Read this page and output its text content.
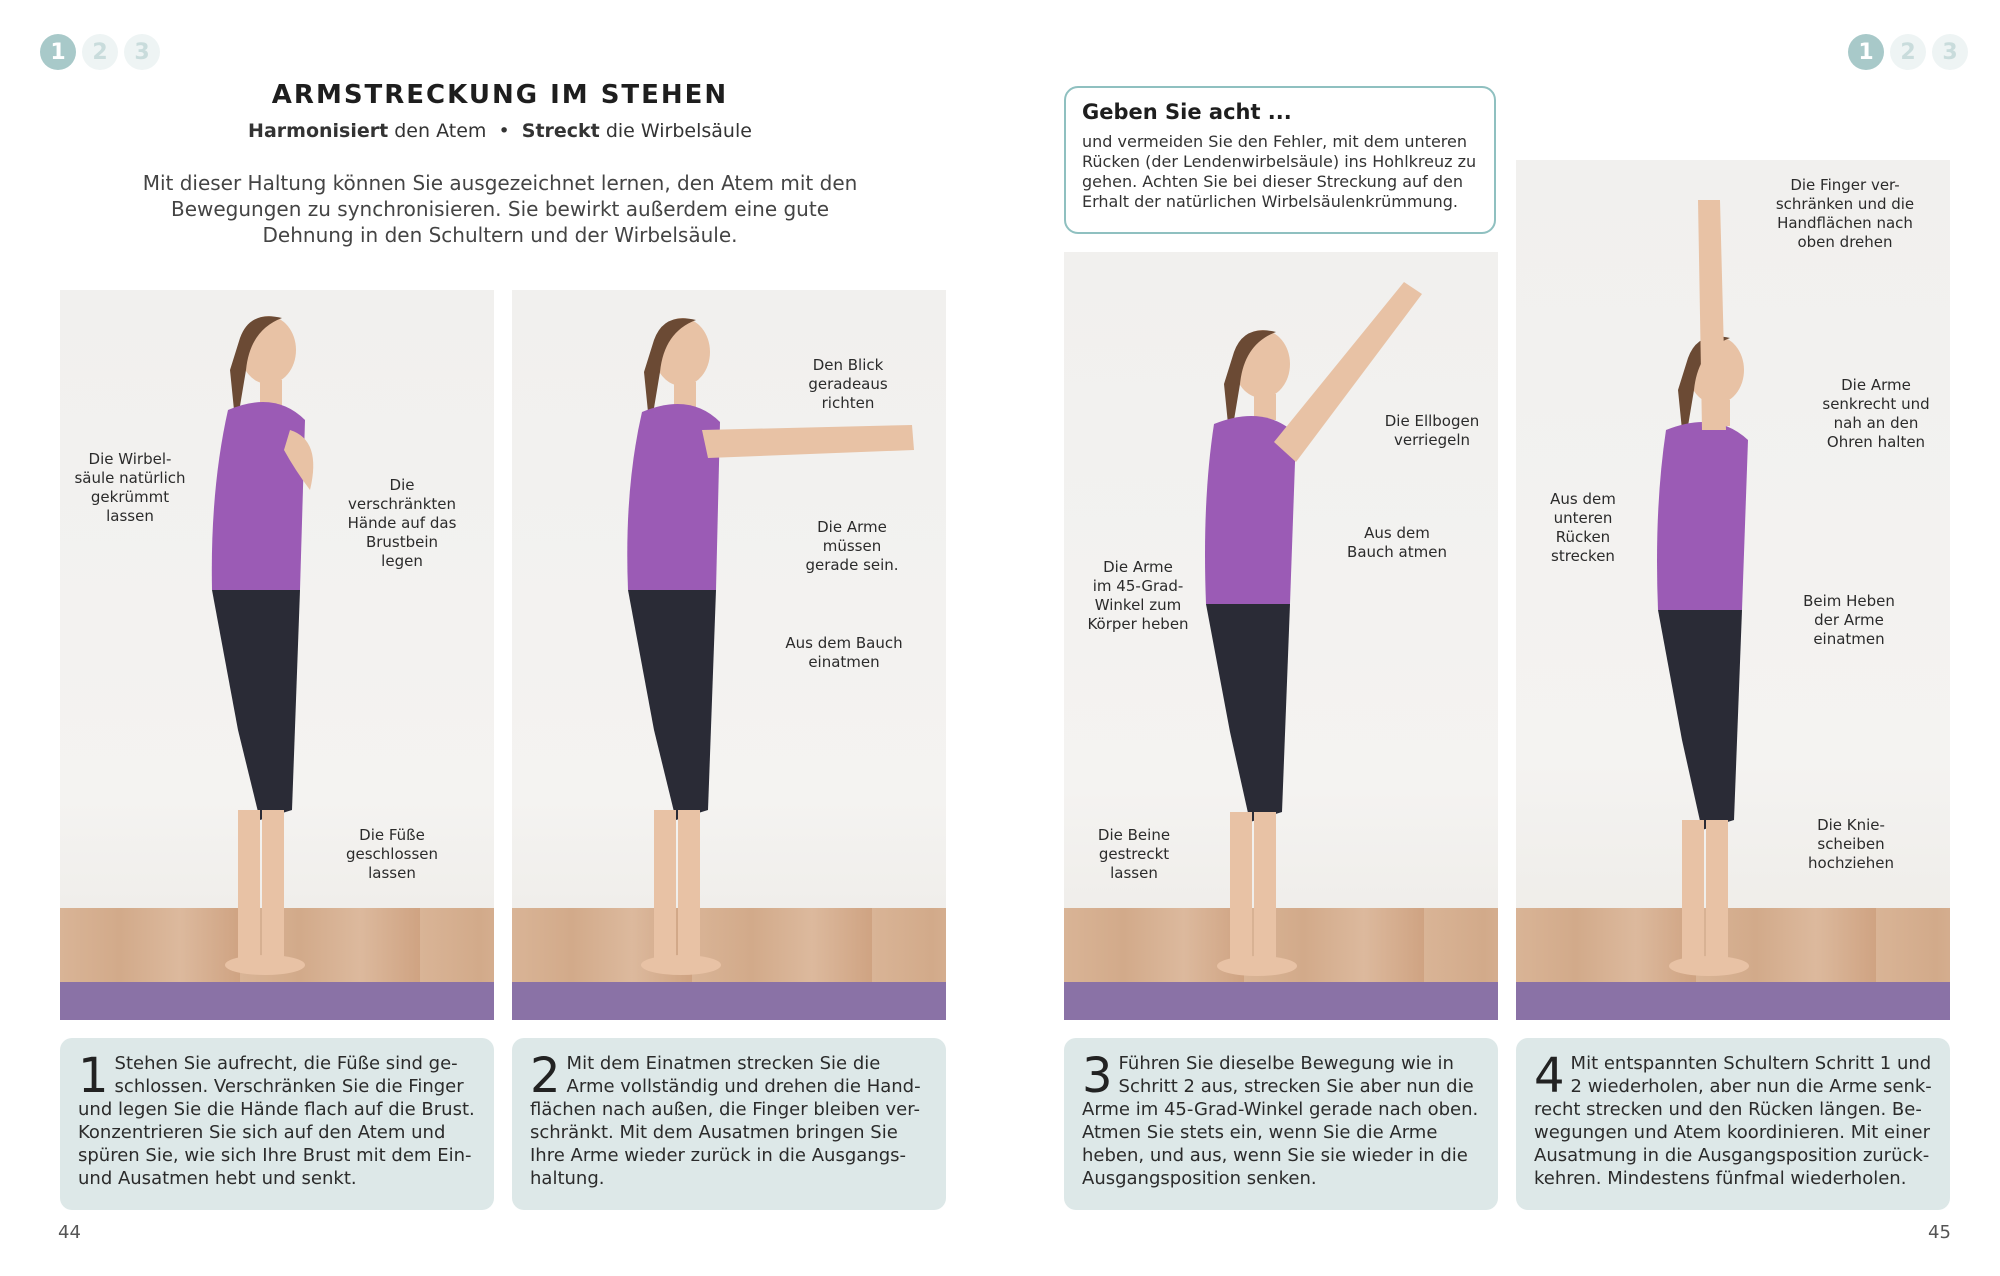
1	2	3
ARMSTRECKUNG IM STEHEN
Harmonisiert den Atem  •  Streckt die Wirbelsäule
Mit dieser Haltung können Sie ausgezeichnet lernen, den Atem mit den Bewegungen zu synchronisieren. Sie bewirkt außerdem eine gute Dehnung in den Schultern und der Wirbelsäule.
Die Wirbel-
säule natürlich
gekrümmt
lassen
Die
verschränkten
Hände auf das
Brustbein
legen
Die Füße
geschlossen
lassen
Den Blick
geradeaus
richten
Die Arme
müssen
gerade sein.
Aus dem Bauch
einatmen
1 Stehen Sie aufrecht, die Füße sind ge-schlossen. Verschränken Sie die Finger und legen Sie die Hände flach auf die Brust. Konzentrieren Sie sich auf den Atem und spüren Sie, wie sich Ihre Brust mit dem Ein- und Ausatmen hebt und senkt.
2 Mit dem Einatmen strecken Sie die Arme vollständig und drehen die Hand-flächen nach außen, die Finger bleiben ver-schränkt. Mit dem Ausatmen bringen Sie Ihre Arme wieder zurück in die Ausgangs-haltung.
44
1	2	3
Geben Sie acht ...

und vermeiden Sie den Fehler, mit dem unteren Rücken (der Lendenwirbelsäule) ins Hohlkreuz zu gehen. Achten Sie bei dieser Streckung auf den Erhalt der natürlichen Wirbelsäulenkrümmung.

Die Ellbogen
verriegeln
Aus dem
Bauch atmen
Die Arme
im 45-Grad-
Winkel zum
Körper heben
Die Beine
gestreckt
lassen
Die Finger ver-
schränken und die
Handflächen nach
oben drehen
Die Arme
senkrecht und
nah an den
Ohren halten
Aus dem
unteren
Rücken
strecken
Beim Heben
der Arme
einatmen
Die Knie-
scheiben
hochziehen
3 Führen Sie dieselbe Bewegung wie in Schritt 2 aus, strecken Sie aber nun die Arme im 45-Grad-Winkel gerade nach oben. Atmen Sie stets ein, wenn Sie die Arme heben, und aus, wenn Sie sie wieder in die Ausgangsposition senken.
4 Mit entspannten Schultern Schritt 1 und 2 wiederholen, aber nun die Arme senk-recht strecken und den Rücken längen. Be-wegungen und Atem koordinieren. Mit einer Ausatmung in die Ausgangsposition zurück-kehren. Mindestens fünfmal wiederholen.
45
